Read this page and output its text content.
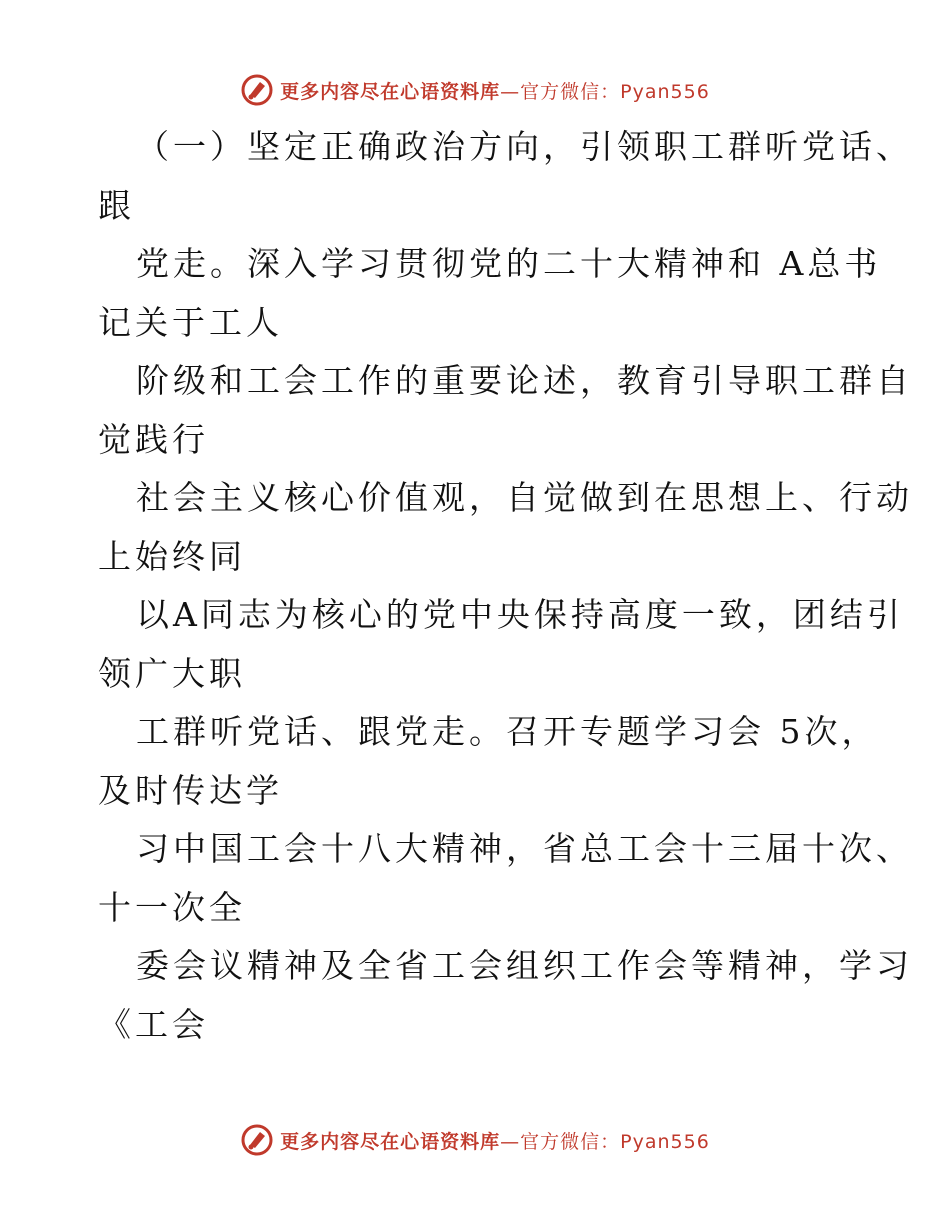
更多内容尽在心语资料库—官方微信：Pyan556
（一）坚定正确政治方向，引领职工群听党话、
跟
党走。深入学习贯彻党的二十大精神和 A总书
记关于工人
阶级和工会工作的重要论述，教育引导职工群自
觉践行
社会主义核心价值观，自觉做到在思想上、行动
上始终同
以A同志为核心的党中央保持高度一致，团结引
领广大职
工群听党话、跟党走。召开专题学习会 5次，
及时传达学
习中国工会十八大精神，省总工会十三届十次、
十一次全
委会议精神及全省工会组织工作会等精神，学习
《工会
更多内容尽在心语资料库—官方微信：Pyan556
